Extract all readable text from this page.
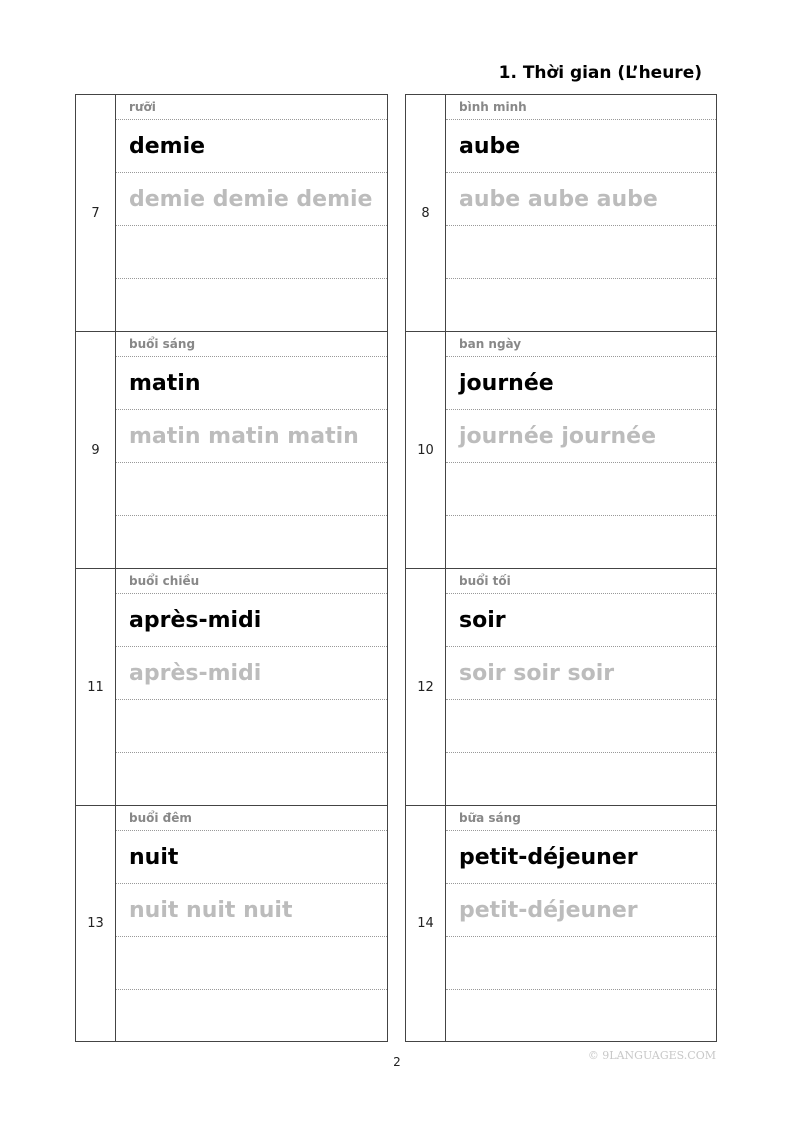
1. Thời gian (L’heure)
7
rưỡi
demie
demie demie demie
8
bình minh
aube
aube aube aube
9
buổi sáng
matin
matin matin matin
10
ban ngày
journée
journée journée
11
buổi chiều
après-midi
après-midi
12
buổi tối
soir
soir soir soir
13
buổi đêm
nuit
nuit nuit nuit
14
bữa sáng
petit-déjeuner
petit-déjeuner
2	© 9LANGUAGES.COM
